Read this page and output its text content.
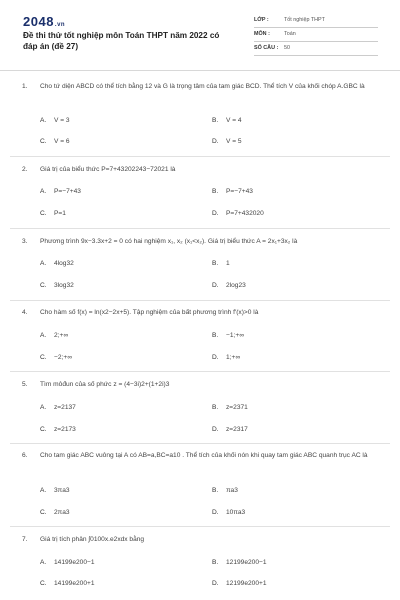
2048.vn
Đề thi thử tốt nghiệp môn Toán THPT năm 2022 có đáp án (đề 27)
LỚP :	Tốt nghiệp THPT
MÔN :	Toán
SỐ CÂU : 50
1. Cho tứ diện ABCD có thể tích bằng 12 và G là trọng tâm của tam giác BCD. Thể tích V của khối chóp A.GBC là
A. V = 3	B. V = 4
C. V = 6	D. V = 5
2. Giá trị của biểu thức P=7+43202243−72021 là
A. P=−7+43	B. P=−7+43
C. P=1	D. P=7+432020
3. Phương trình 9x−3.3x+2 = 0 có hai nghiệm x₁, x₂ (x₁<x₂). Giá trị biểu thức A = 2x₁+3x₂ là
A. 4log32	B. 1
C. 3log32	D. 2log23
4. Cho hàm số f(x) = ln(x2−2x+5). Tập nghiệm của bất phương trình f′(x)>0 là
A. 2;+∞	B. −1;+∞
C. −2;+∞	D. 1;+∞
5. Tìm môđun của số phức z = (4−3i)2+(1+2i)3
A. z=2137	B. z=2371
C. z=2173	D. z=2317
6. Cho tam giác ABC vuông tại A có AB=a,BC=a10 . Thể tích của khối nón khi quay tam giác ABC quanh trục AC là
A. 3πa3	B. πa3
C. 2πa3	D. 10πa3
7. Giá trị tích phân ∫0100x.e2xdx bằng
A. 14199e200−1	B. 12199e200−1
C. 14199e200+1	D. 12199e200+1
